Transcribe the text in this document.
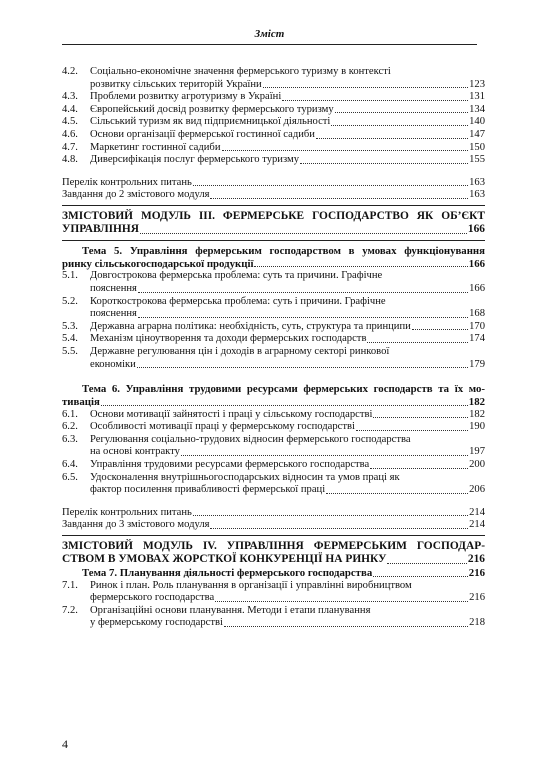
Зміст
4.2. Соціально-економічне значення фермерського туризму в контексті
розвитку сільських територій України	123
4.3. Проблеми розвитку агротуризму в Україні	131
4.4. Європейський досвід розвитку фермерського туризму	134
4.5. Сільський туризм як вид підприємницької діяльності	140
4.6. Основи організації фермерської гостинної садиби	147
4.7. Маркетинг гостинної садиби	150
4.8. Диверсифікація послуг фермерського туризму	155
Перелік контрольних питань	163
Завдання до 2 змістового модуля	163
ЗМІСТОВИЙ МОДУЛЬ ІІІ. ФЕРМЕРСЬКЕ ГОСПОДАРСТВО ЯК ОБ’ЄКТ
УПРАВЛІННЯ	166
Тема 5. Управління фермерським господарством в умовах функціонування
ринку сільськогосподарської продукції	166
5.1. Довгострокова фермерська проблема: суть та причини. Графічне
пояснення	166
5.2. Короткострокова фермерська проблема: суть і причини. Графічне
пояснення	168
5.3. Державна аграрна політика: необхідність, суть, структура та принципи	170
5.4. Механізм ціноутворення та доходи фермерських господарств	174
5.5. Державне регулювання цін і доходів в аграрному секторі ринкової
економіки	179
Тема 6. Управління трудовими ресурсами фермерських господарств та їх мо-
тивація	182
6.1. Основи мотивації зайнятості і праці у сільському господарстві	182
6.2. Особливості мотивації праці у фермерському господарстві	190
6.3. Регулювання соціально-трудових відносин фермерського господарства
на основі контракту	197
6.4. Управління трудовими ресурсами фермерського господарства	200
6.5. Удосконалення внутрішньогосподарських відносин та умов праці як
фактор посилення привабливості фермерської праці	206
Перелік контрольних питань	214
Завдання до 3 змістового модуля	214
ЗМІСТОВИЙ МОДУЛЬ IV. УПРАВЛІННЯ ФЕРМЕРСЬКИМ ГОСПОДАР-
СТВОМ В УМОВАХ ЖОРСТКОЇ КОНКУРЕНЦІЇ НА РИНКУ	216
Тема 7. Планування діяльності фермерського господарства	216
7.1. Ринок і план. Роль планування в організації і управлінні виробництвом
фермерського господарства	216
7.2. Організаційні основи планування. Методи і етапи планування
у фермерському господарстві	218
4
